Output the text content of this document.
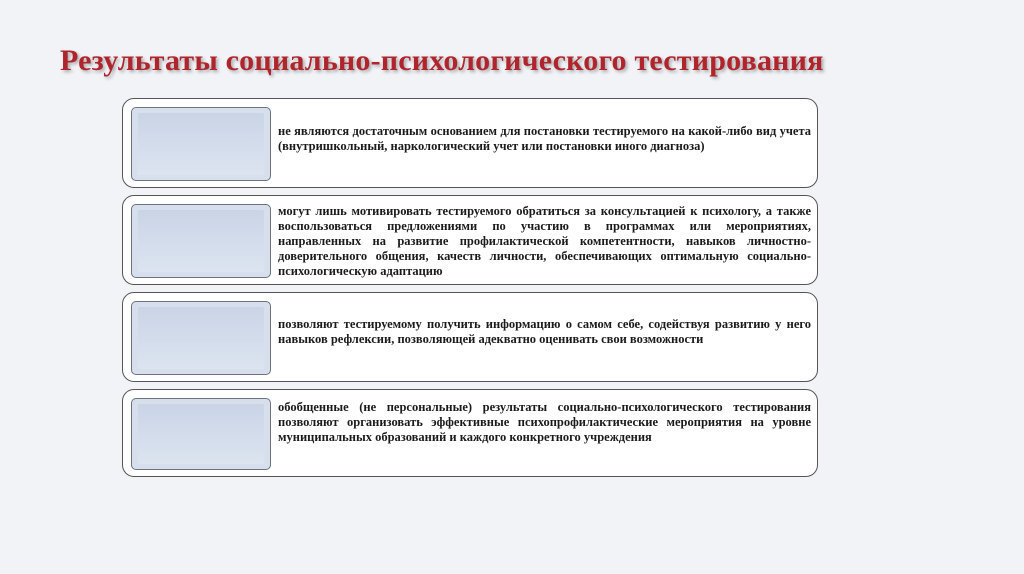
Результаты социально-психологического тестирования

не являются достаточным основанием для постановки тестируемого на какой-либо вид учета (внутришкольный, наркологический учет или постановки иного диагноза)

могут лишь мотивировать тестируемого обратиться за консультацией к психологу, а также воспользоваться предложениями по участию в программах или мероприятиях, направленных на развитие профилактической компетентности, навыков личностно-доверительного общения, качеств личности, обеспечивающих оптимальную социально-психологическую адаптацию

позволяют тестируемому получить информацию о самом себе, содействуя развитию у него навыков рефлексии, позволяющей адекватно оценивать свои возможности

обобщенные (не персональные) результаты социально-психологического тестирования позволяют организовать эффективные психопрофилактические мероприятия на уровне муниципальных образований и каждого конкретного учреждения
